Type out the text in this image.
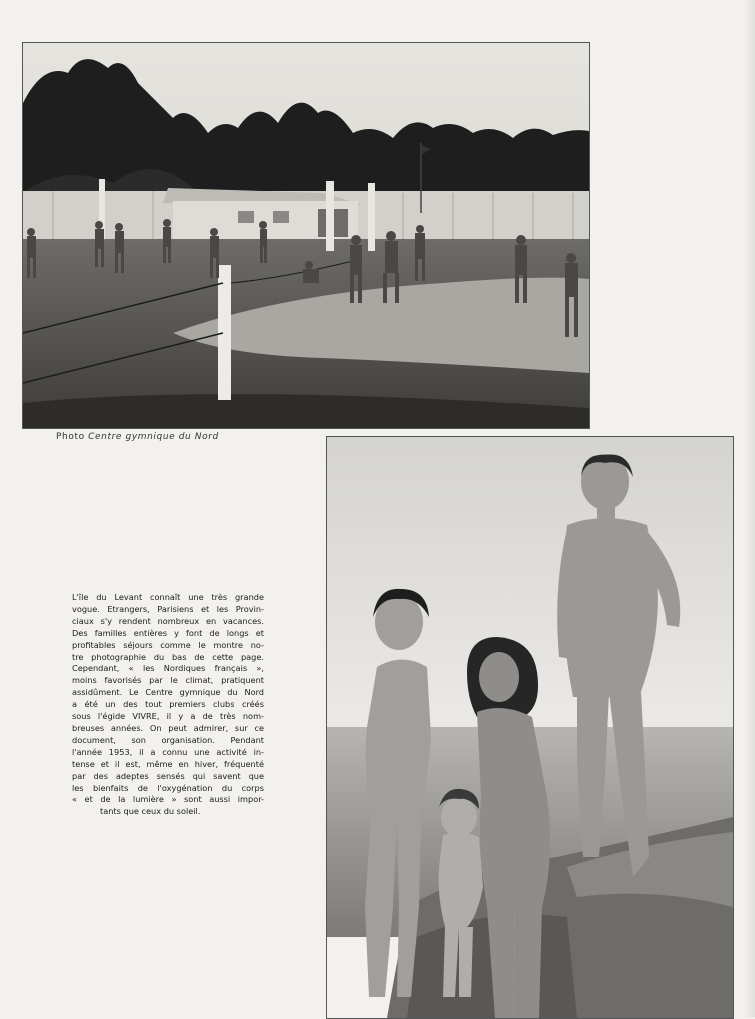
Photo Centre gymnique du Nord
L'île du Levant connaît une très grande
vogue. Etrangers, Parisiens et les Provin-
ciaux s'y rendent nombreux en vacances.
Des familles entières y font de longs et
profitables séjours comme le montre no-
tre photographie du bas de cette page.
Cependant, « les Nordiques français »,
moins favorisés par le climat, pratiquent
assidûment. Le Centre gymnique du Nord
a été un des tout premiers clubs créés
sous l'égide VIVRE, il y a de très nom-
breuses années. On peut admirer, sur ce
document, son organisation. Pendant
l'année 1953, il a connu une activité in-
tense et il est, même en hiver, fréquenté
par des adeptes sensés qui savent que
les bienfaits de l'oxygénation du corps
« et de la lumière » sont aussi impor-
tants que ceux du soleil.
